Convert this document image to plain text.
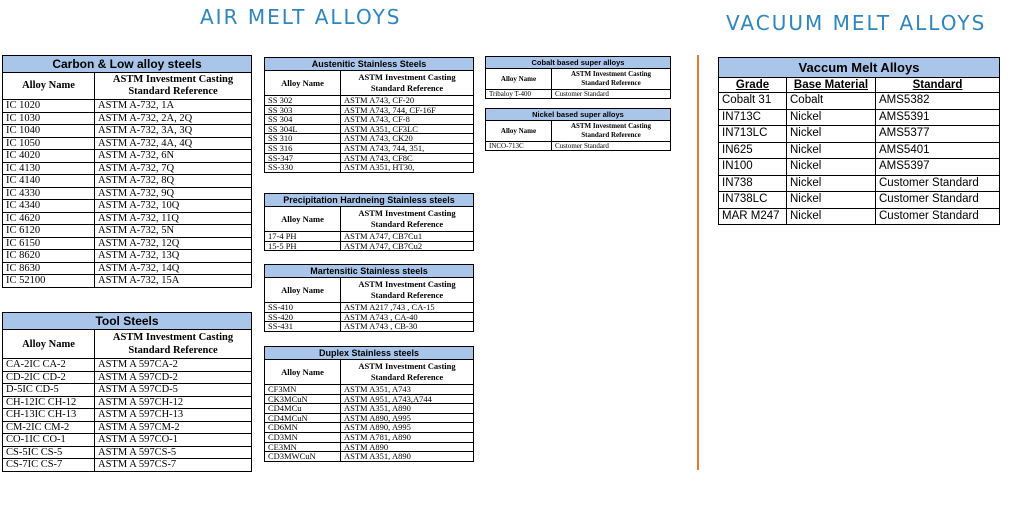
AIR MELT ALLOYS	VACUUM MELT ALLOYS
Carbon & Low alloy steels	
Alloy Name	ASTM Investment Casting
Standard Reference
IC 1020	ASTM A-732, 1A
IC 1030	ASTM A-732, 2A, 2Q
IC 1040	ASTM A-732, 3A, 3Q
IC 1050	ASTM A-732, 4A, 4Q
IC 4020	ASTM A-732, 6N
IC 4130	ASTM A-732, 7Q
IC 4140	ASTM A-732, 8Q
IC 4330	ASTM A-732, 9Q
IC 4340	ASTM A-732, 10Q
IC 4620	ASTM A-732, 11Q
IC 6120	ASTM A-732, 5N
IC 6150	ASTM A-732, 12Q
IC 8620	ASTM A-732, 13Q
IC 8630	ASTM A-732, 14Q
IC 52100	ASTM A-732, 15A
Tool Steels	
Alloy Name	ASTM Investment Casting
Standard Reference
CA-2IC CA-2	ASTM A 597CA-2
CD-2IC CD-2	ASTM A 597CD-2
D-5IC CD-5	ASTM A 597CD-5
CH-12IC CH-12	ASTM A 597CH-12
CH-13IC CH-13	ASTM A 597CH-13
CM-2IC CM-2	ASTM A 597CM-2
CO-1IC CO-1	ASTM A 597CO-1
CS-5IC CS-5	ASTM A 597CS-5
CS-7IC CS-7	ASTM A 597CS-7
Austenitic Stainless Steels	
Alloy Name	ASTM Investment Casting
Standard Reference
SS 302	ASTM A743, CF-20
SS 303	ASTM A743, 744, CF-16F
SS 304	ASTM A743, CF-8
SS 304L	ASTM A351, CF3LC
SS 310	ASTM A743, CK20
SS 316	ASTM A743, 744, 351,
SS-347	ASTM A743, CF8C
SS-330	ASTM A351, HT30,
Precipitation Hardneing Stainless steels	
Alloy Name	ASTM Investment Casting
Standard Reference
17-4 PH	ASTM A747, CB7Cu1
15-5 PH	ASTM A747, CB7Cu2
Martensitic Stainless steels	
Alloy Name	ASTM Investment Casting
Standard Reference
SS-410	ASTM A217 ,743 , CA-15
SS-420	ASTM A743 , CA-40
SS-431	ASTM A743 , CB-30
Duplex Stainless steels	
Alloy Name	ASTM Investment Casting
Standard Reference
CF3MN	ASTM A351, A743
CK3MCuN	ASTM A951, A743,A744
CD4MCu	ASTM A351, A890
CD4MCuN	ASTM A890, A995
CD6MN	ASTM A890, A995
CD3MN	ASTM A781, A890
CE3MN	ASTM A890
CD3MWCuN	ASTM A351, A890
Cobalt based super alloys	
Alloy Name	ASTM Investment Casting
Standard Reference
Tribaloy T-400	Customer Standard
Nickel based super alloys	
Alloy Name	ASTM Investment Casting
Standard Reference
INCO-713C	Customer Standard
Vaccum Melt Alloys		
Grade	Base Material	Standard
Cobalt 31	Cobalt	AMS5382
IN713C	Nickel	AMS5391
IN713LC	Nickel	AMS5377
IN625	Nickel	AMS5401
IN100	Nickel	AMS5397
IN738	Nickel	Customer Standard
IN738LC	Nickel	Customer Standard
MAR M247	Nickel	Customer Standard
